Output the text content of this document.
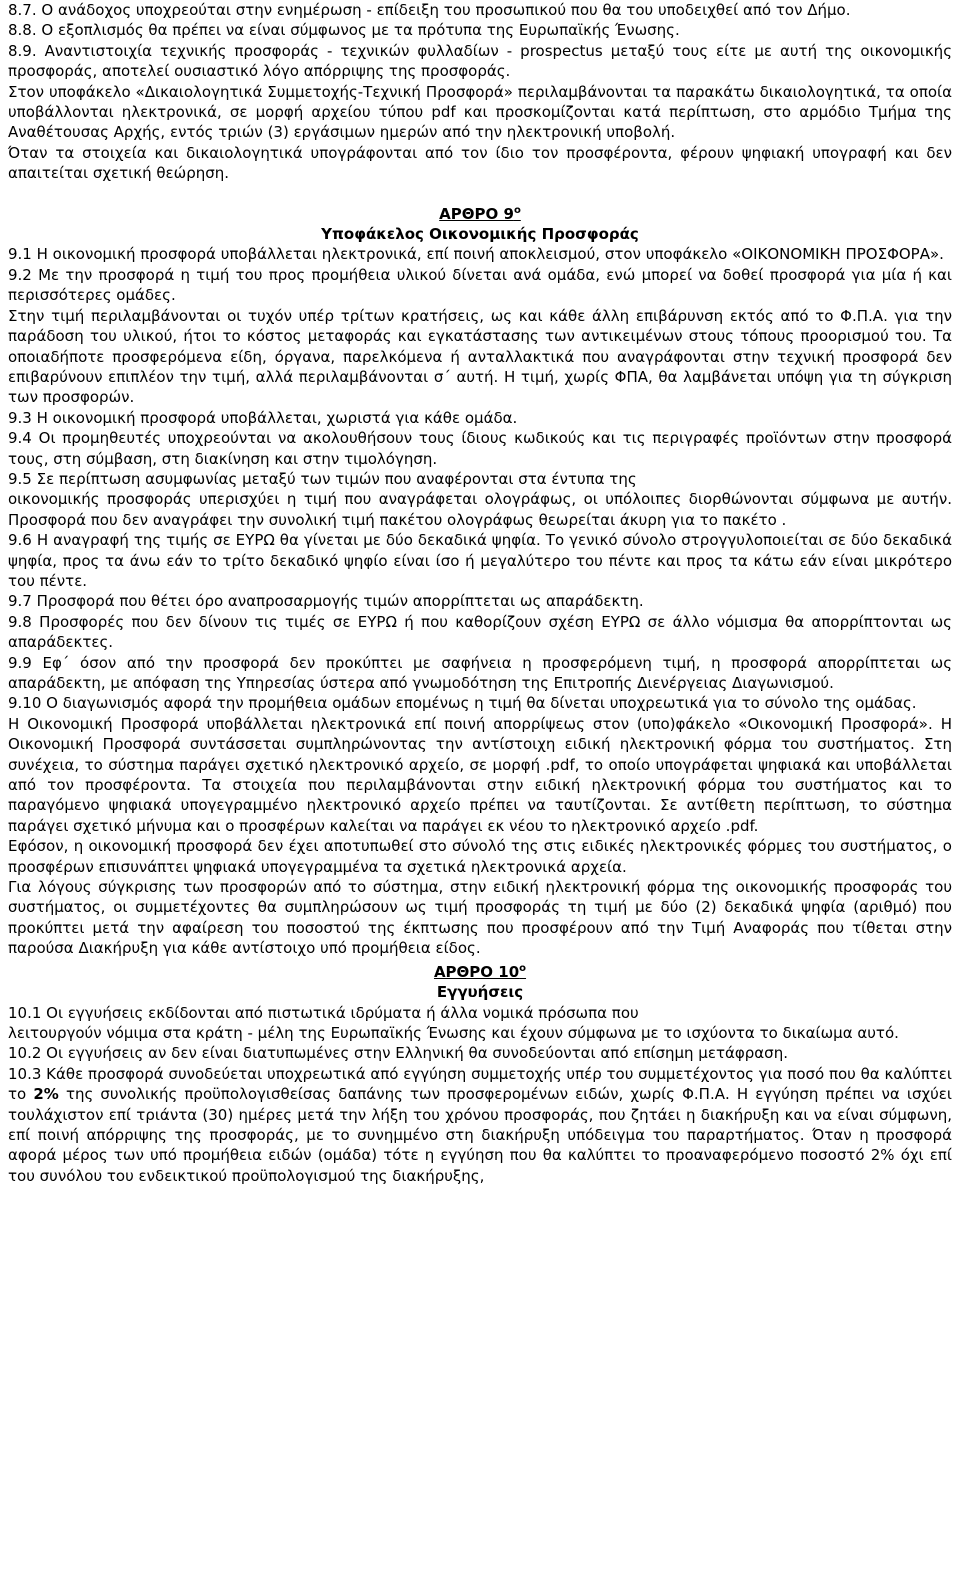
8.7. Ο ανάδοχος υποχρεούται στην ενημέρωση - επίδειξη του προσωπικού που θα του υποδειχθεί από τον Δήμο.

8.8. Ο εξοπλισμός θα πρέπει να είναι σύμφωνος με τα πρότυπα της Ευρωπαϊκής Ένωσης.

8.9. Αναντιστοιχία τεχνικής προσφοράς - τεχνικών φυλλαδίων - prospectus μεταξύ τους είτε με αυτή της οικονομικής προσφοράς, αποτελεί ουσιαστικό λόγο απόρριψης της προσφοράς.

Στον υποφάκελο «Δικαιολογητικά Συμμετοχής-Τεχνική Προσφορά» περιλαμβάνονται τα παρακάτω δικαιολογητικά, τα οποία υποβάλλονται ηλεκτρονικά, σε μορφή αρχείου τύπου pdf και προσκομίζονται κατά περίπτωση, στο αρμόδιο Τμήμα της Αναθέτουσας Αρχής, εντός τριών (3) εργάσιμων ημερών από την ηλεκτρονική υποβολή.

Όταν τα στοιχεία και δικαιολογητικά υπογράφονται από τον ίδιο τον προσφέροντα, φέρουν ψηφιακή υπογραφή και δεν απαιτείται σχετική θεώρηση.

ΑΡΘΡΟ $9^o$

Υποφάκελος Οικονομικής Προσφοράς

9.1 Η οικονομική προσφορά υποβάλλεται ηλεκτρονικά, επί ποινή αποκλεισμού, στον υποφάκελο «ΟΙΚΟΝΟΜΙΚΗ ΠΡΟΣΦΟΡΑ».

9.2 Με την προσφορά η τιμή του προς προμήθεια υλικού δίνεται ανά ομάδα, ενώ μπορεί να δοθεί προσφορά για μία ή και περισσότερες ομάδες.

Στην τιμή περιλαμβάνονται οι τυχόν υπέρ τρίτων κρατήσεις, ως και κάθε άλλη επιβάρυνση εκτός από το Φ.Π.Α. για την παράδοση του υλικού, ήτοι το κόστος μεταφοράς και εγκατάστασης των αντικειμένων στους τόπους προορισμού του. Τα οποιαδήποτε προσφερόμενα είδη, όργανα, παρελκόμενα ή ανταλλακτικά που αναγράφονται στην τεχνική προσφορά δεν επιβαρύνουν επιπλέον την τιμή, αλλά περιλαμβάνονται σ΄ αυτή. Η τιμή, χωρίς ΦΠΑ, θα λαμβάνεται υπόψη για τη σύγκριση των προσφορών.

9.3 Η οικονομική προσφορά υποβάλλεται, χωριστά για κάθε ομάδα.

9.4 Οι προμηθευτές υποχρεούνται να ακολουθήσουν τους ίδιους κωδικούς και τις περιγραφές προϊόντων στην προσφορά τους, στη σύμβαση, στη διακίνηση και στην τιμολόγηση.

9.5 Σε περίπτωση ασυμφωνίας μεταξύ των τιμών που αναφέρονται στα έντυπα της

οικονομικής προσφοράς υπερισχύει η τιμή που αναγράφεται ολογράφως, οι υπόλοιπες διορθώνονται σύμφωνα με αυτήν. Προσφορά που δεν αναγράφει την συνολική τιμή πακέτου ολογράφως θεωρείται άκυρη για το πακέτο .

9.6 Η αναγραφή της τιμής σε ΕΥΡΩ θα γίνεται με δύο δεκαδικά ψηφία. Το γενικό σύνολο στρογγυλοποιείται σε δύο δεκαδικά ψηφία, προς τα άνω εάν το τρίτο δεκαδικό ψηφίο είναι ίσο ή μεγαλύτερο του πέντε και προς τα κάτω εάν είναι μικρότερο του πέντε.

9.7 Προσφορά που θέτει όρο αναπροσαρμογής τιμών απορρίπτεται ως απαράδεκτη.

9.8 Προσφορές που δεν δίνουν τις τιμές σε ΕΥΡΩ ή που καθορίζουν σχέση ΕΥΡΩ σε άλλο νόμισμα θα απορρίπτονται ως απαράδεκτες.

9.9 Εφ΄ όσον από την προσφορά δεν προκύπτει με σαφήνεια η προσφερόμενη τιμή, η προσφορά απορρίπτεται ως απαράδεκτη, με απόφαση της Υπηρεσίας ύστερα από γνωμοδότηση της Επιτροπής Διενέργειας Διαγωνισμού.

9.10 Ο διαγωνισμός αφορά την προμήθεια ομάδων επομένως η τιμή θα δίνεται υποχρεωτικά για το σύνολο της ομάδας.

Η Οικονομική Προσφορά υποβάλλεται ηλεκτρονικά επί ποινή απορρίψεως στον (υπο)φάκελο «Οικονομική Προσφορά». Η Οικονομική Προσφορά συντάσσεται συμπληρώνοντας την αντίστοιχη ειδική ηλεκτρονική φόρμα του συστήματος. Στη συνέχεια, το σύστημα παράγει σχετικό ηλεκτρονικό αρχείο, σε μορφή .pdf, το οποίο υπογράφεται ψηφιακά και υποβάλλεται από τον προσφέροντα. Τα στοιχεία που περιλαμβάνονται στην ειδική ηλεκτρονική φόρμα του συστήματος και το παραγόμενο ψηφιακά υπογεγραμμένο ηλεκτρονικό αρχείο πρέπει να ταυτίζονται. Σε αντίθετη περίπτωση, το σύστημα παράγει σχετικό μήνυμα και ο προσφέρων καλείται να παράγει εκ νέου το ηλεκτρονικό αρχείο .pdf.

Εφόσον, η οικονομική προσφορά δεν έχει αποτυπωθεί στο σύνολό της στις ειδικές ηλεκτρονικές φόρμες του συστήματος, ο προσφέρων επισυνάπτει ψηφιακά υπογεγραμμένα τα σχετικά ηλεκτρονικά αρχεία.

Για λόγους σύγκρισης των προσφορών από το σύστημα, στην ειδική ηλεκτρονική φόρμα της οικονομικής προσφοράς του συστήματος, οι συμμετέχοντες θα συμπληρώσουν ως τιμή προσφοράς τη τιμή με δύο (2) δεκαδικά ψηφία (αριθμό) που προκύπτει μετά την αφαίρεση του ποσοστού της έκπτωσης που προσφέρουν από την Τιμή Αναφοράς που τίθεται στην παρούσα Διακήρυξη για κάθε αντίστοιχο υπό προμήθεια είδος.

ΑΡΘΡΟ $10^o$

Εγγυήσεις

10.1 Οι εγγυήσεις εκδίδονται από πιστωτικά ιδρύματα ή άλλα νομικά πρόσωπα που

λειτουργούν νόμιμα στα κράτη - μέλη της Ευρωπαϊκής Ένωσης και έχουν σύμφωνα με το ισχύοντα το δικαίωμα αυτό.

10.2 Οι εγγυήσεις αν δεν είναι διατυπωμένες στην Ελληνική θα συνοδεύονται από επίσημη μετάφραση.

10.3 Κάθε προσφορά συνοδεύεται υποχρεωτικά από εγγύηση συμμετοχής υπέρ του συμμετέχοντος για ποσό που θα καλύπτει το 2% της συνολικής προϋπολογισθείσας δαπάνης των προσφερομένων ειδών, χωρίς Φ.Π.Α. Η εγγύηση πρέπει να ισχύει τουλάχιστον επί τριάντα (30) ημέρες μετά την λήξη του χρόνου προσφοράς, που ζητάει η διακήρυξη και να είναι σύμφωνη, επί ποινή απόρριψης της προσφοράς, με το συνημμένο στη διακήρυξη υπόδειγμα του παραρτήματος. Όταν η προσφορά αφορά μέρος των υπό προμήθεια ειδών (ομάδα) τότε η εγγύηση που θα καλύπτει το προαναφερόμενο ποσοστό 2% όχι επί του συνόλου του ενδεικτικού προϋπολογισμού της διακήρυξης,
